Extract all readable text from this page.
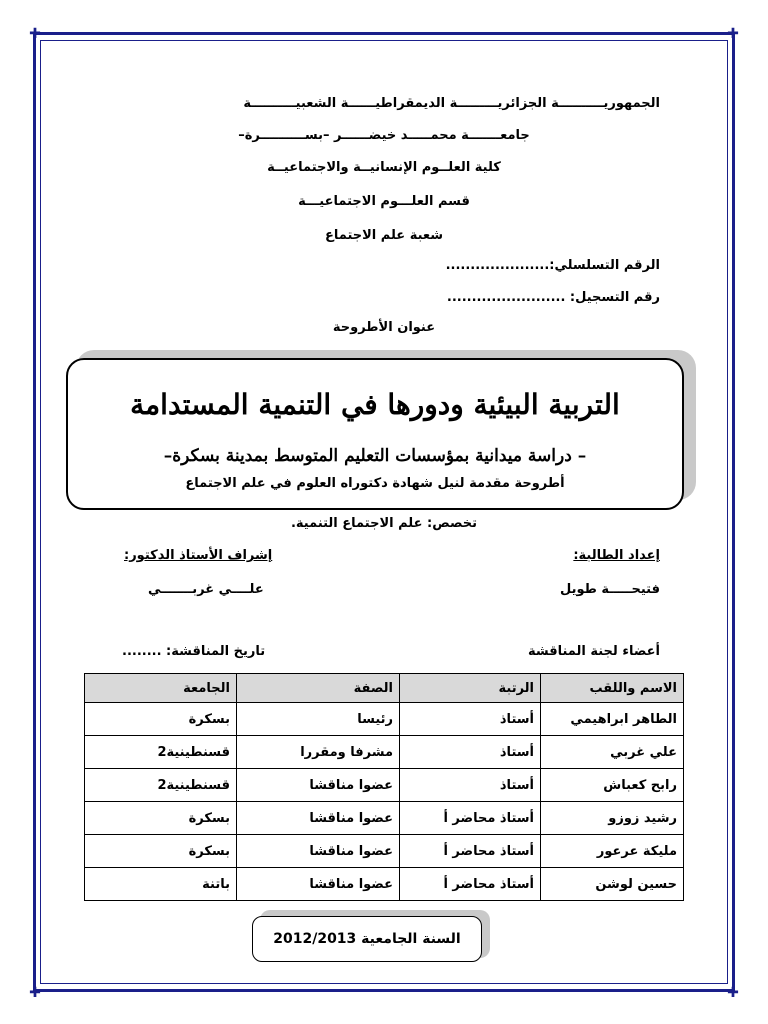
✚	✚
✚	✚
الجمهوريــــــــــة الجزائريـــــــــة الديمقراطيــــــة الشعبيــــــــــة
جامعـــــــة محمـــــد خيضــــــر –بســــــــــرة–
كلية العلــوم الإنسانيــة والاجتماعيــة
قسم العلـــوم الاجتماعيـــة
شعبة علم الاجتماع
الرقم التسلسلي:.....................
رقم التسجيل: ........................
عنوان الأطروحة
التربية البيئية ودورها في التنمية المستدامة
– دراسة ميدانية بمؤسسات التعليم المتوسط بمدينة بسكرة–
أطروحة مقدمة لنيل شهادة دكتوراه العلوم في علم الاجتماع
تخصص: علم الاجتماع التنمية.
إعداد الطالبة:
إشراف الأستاذ الدكتور:
فتيحـــــة طويل
علــــي غربـــــــي
أعضاء لجنة المناقشة
تاريخ المناقشة: ........
الاسم واللقب	الرتبة	الصفة	الجامعة
الطاهر ابراهيمي	أستاذ	رئيسا	بسكرة
علي غربي	أستاذ	مشرفا ومقررا	قسنطينية2
رابح كعباش	أستاذ	عضوا مناقشا	قسنطينية2
رشيد زوزو	أستاذ محاضر أ	عضوا مناقشا	بسكرة
مليكة عرعور	أستاذ محاضر أ	عضوا مناقشا	بسكرة
حسين لوشن	أستاذ محاضر أ	عضوا مناقشا	باتنة
السنة الجامعية 2012/2013
